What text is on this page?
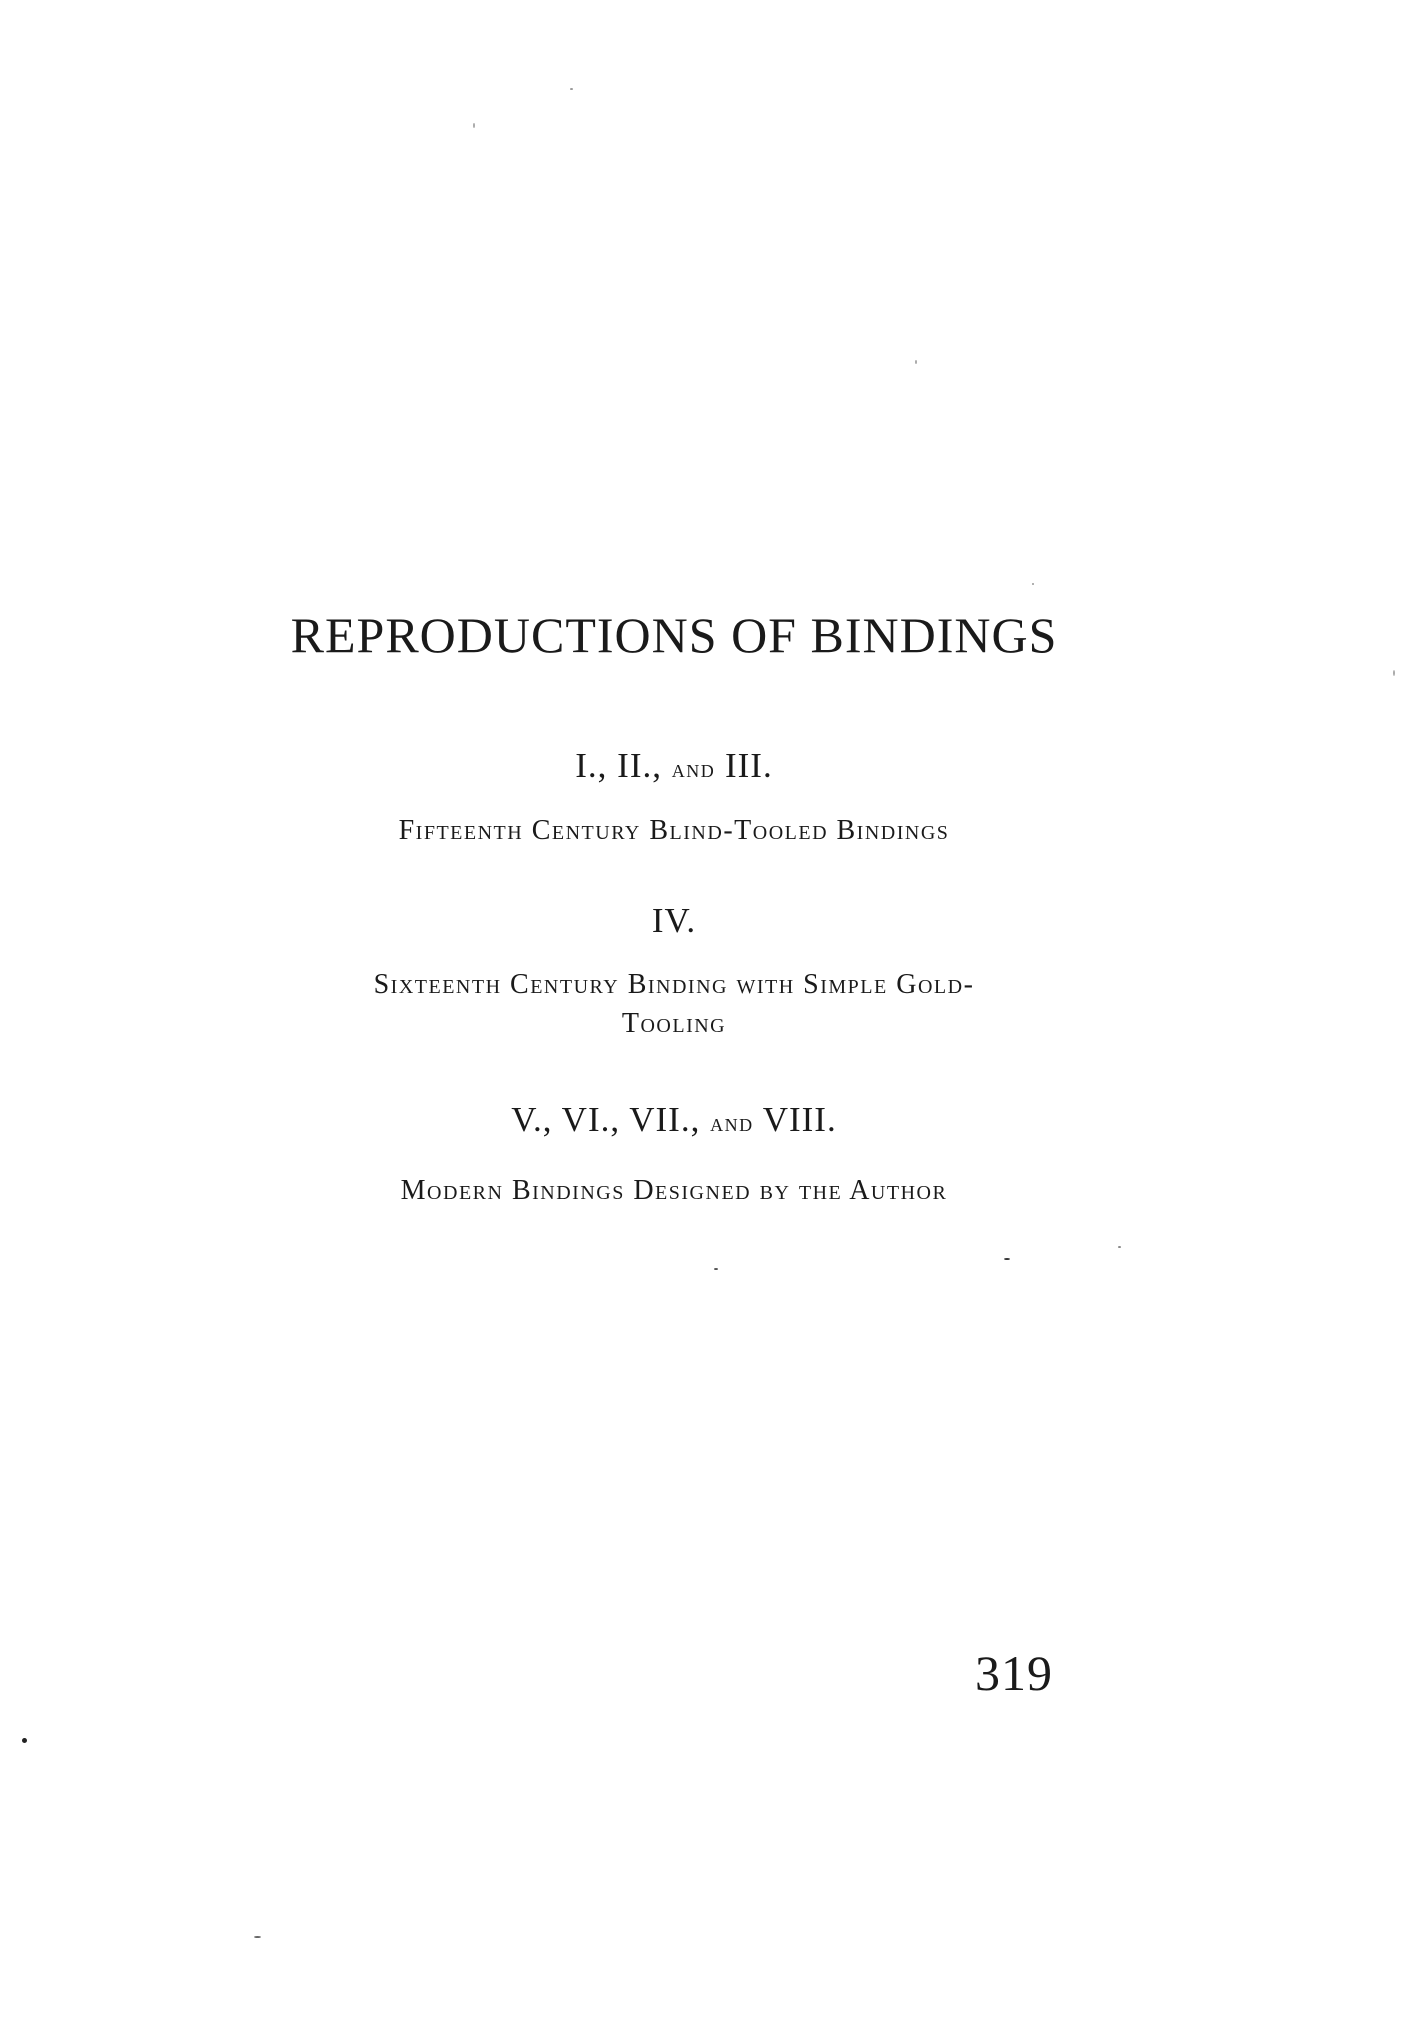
REPRODUCTIONS OF BINDINGS
I., II., and III.
Fifteenth Century Blind-Tooled Bindings
IV.
Sixteenth Century Binding with Simple Gold-
Tooling
V., VI., VII., and VIII.
Modern Bindings Designed by the Author
319
